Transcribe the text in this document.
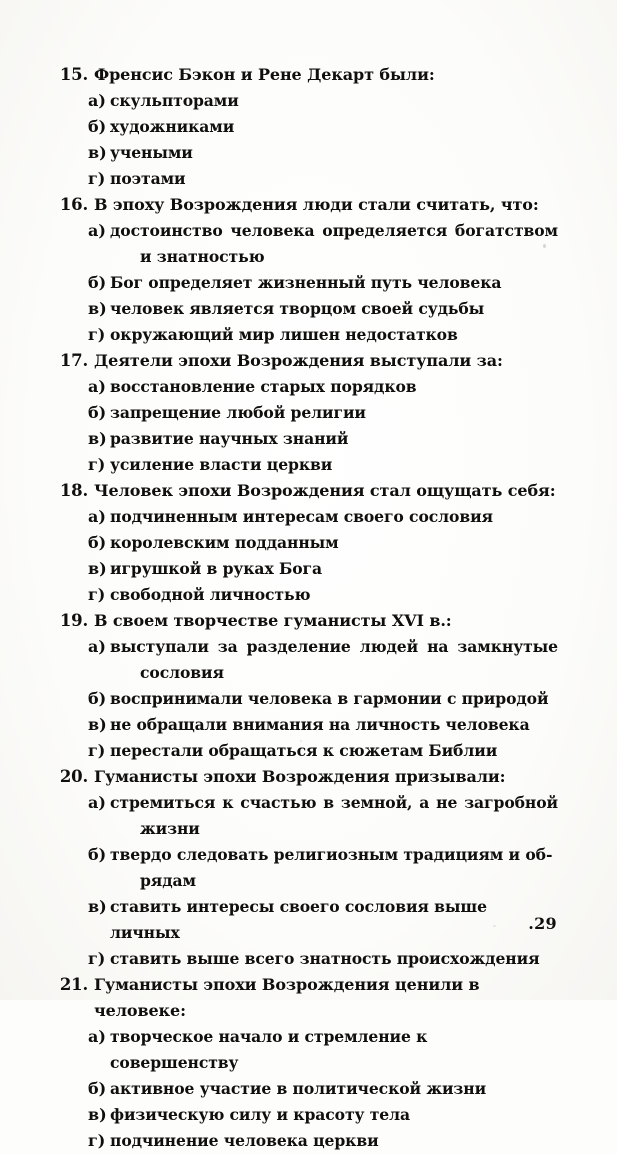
15. Френсис Бэкон и Рене Декарт были:
а) скульпторами
б) художниками
в) учеными
г) поэтами
16. В эпоху Возрождения люди стали считать, что:
а) достоинство человека определяется богатством
и знатностью
б) Бог определяет жизненный путь человека
в) человек является творцом своей судьбы
г) окружающий мир лишен недостатков
17. Деятели эпохи Возрождения выступали за:
а) восстановление старых порядков
б) запрещение любой религии
в) развитие научных знаний
г) усиление власти церкви
18. Человек эпохи Возрождения стал ощущать себя:
а) подчиненным интересам своего сословия
б) королевским подданным
в) игрушкой в руках Бога
г) свободной личностью
19. В своем творчестве гуманисты XVI в.:
а) выступали за разделение людей на замкнутые
сословия
б) воспринимали человека в гармонии с природой
в) не обращали внимания на личность человека
г) перестали обращаться к сюжетам Библии
20. Гуманисты эпохи Возрождения призывали:
а) стремиться к счастью в земной, а не загробной
жизни
б) твердо следовать религиозным традициям и об-
рядам
в) ставить интересы своего сословия выше личных
г) ставить выше всего знатность происхождения
21. Гуманисты эпохи Возрождения ценили в человеке:
а) творческое начало и стремление к совершенству
б) активное участие в политической жизни
в) физическую силу и красоту тела
г) подчинение человека церкви
.29
